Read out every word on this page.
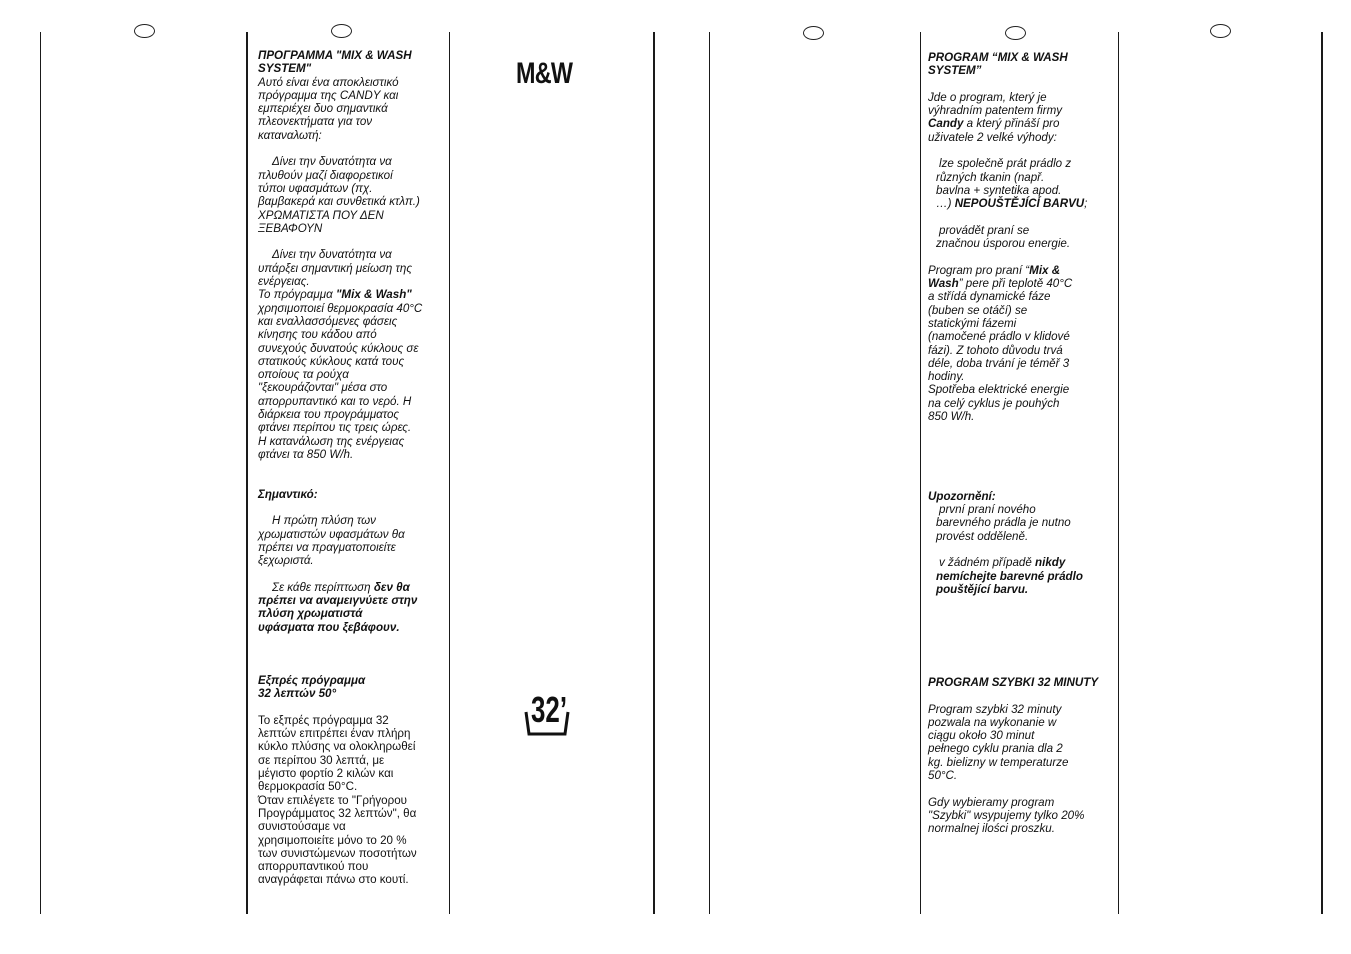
ΠΡΟΓΡΑΜΜΑ "MIX & WASH

SYSTEM"

Αυτό είναι ένα αποκλειστικό

πρόγραμμα της CANDY και

εμπεριέχει δυο σημαντικά

πλεονεκτήματα για τον

καταναλωτή:

Δίνει την δυνατότητα να

πλυθούν μαζί διαφορετικοί

τύποι υφασμάτων (πχ.

βαμβακερά και συνθετικά κτλπ.)

ΧΡΩΜΑΤΙΣΤΑ ΠΟΥ ΔΕΝ

ΞΕΒΑΦΟΥΝ

Δίνει την δυνατότητα να

υπάρξει σημαντική μείωση της

ενέργειας.

Το πρόγραμμα "Mix & Wash"

χρησιμοποιεί θερμοκρασία 40°C

και εναλλασσόμενες φάσεις

κίνησης του κάδου από

συνεχούς δυνατούς κύκλους σε

στατικούς κύκλους κατά τους

οποίους τα ρούχα

"ξεκουράζονται" μέσα στο

απορρυπαντικό και το νερό. Η

διάρκεια του προγράμματος

φτάνει περίπου τις τρεις ώρες.

Η κατανάλωση της ενέργειας

φτάνει τα 850 W/h.

Σημαντικό:

Η πρώτη πλύση των

χρωματιστών υφασμάτων θα

πρέπει να πραγματοποιείτε

ξεχωριστά.

Σε κάθε περίπτωση δεν θα

πρέπει να αναμειγνύετε στην

πλύση χρωματιστά

υφάσματα που ξεβάφουν.

Εξπρές πρόγραμμα

32 λεπτών 50°

Το εξπρές πρόγραμμα 32

λεπτών επιτρέπει έναν πλήρη

κύκλο πλύσης να ολοκληρωθεί

σε περίπου 30 λεπτά, με

μέγιστο φορτίο 2 κιλών και

θερμοκρασία 50°C.

Όταν επιλέγετε το "Γρήγορου

Προγράμματος 32 λεπτών", θα

συνιστούσαμε να

χρησιμοποιείτε μόνο το 20 %

των συνιστώμενων ποσοτήτων

απορρυπαντικού που

αναγράφεται πάνω στο κουτί.

M&W
32’

PROGRAM “MIX & WASH

SYSTEM”

Jde o program, který je

výhradním patentem firmy

Candy a který přináší pro

uživatele 2 velké výhody:

lze společně prát prádlo z

různých tkanin (např.

bavlna + syntetika apod.

…) NEPOUŠTĚJÍCÍ BARVU;

provádět praní se

značnou úsporou energie.

Program pro praní “Mix &

Wash” pere při teplotě 40°C

a střídá dynamické fáze

(buben se otáčí) se

statickými fázemi

(namočené prádlo v klidové

fázi). Z tohoto důvodu trvá

déle, doba trvání je téměř 3

hodiny.

Spotřeba elektrické energie

na celý cyklus je pouhých

850 W/h.

Upozornění:

první praní nového

barevného prádla je nutno

provést odděleně.

v žádném případě nikdy

nemíchejte barevné prádlo

pouštějící barvu.

PROGRAM SZYBKI 32 MINUTY

Program szybki 32 minuty

pozwala na wykonanie w

ciągu około 30 minut

pełnego cyklu prania dla 2

kg. bielizny w temperaturze

50°C.

Gdy wybieramy program

"Szybki" wsypujemy tylko 20%

normalnej ilości proszku.
